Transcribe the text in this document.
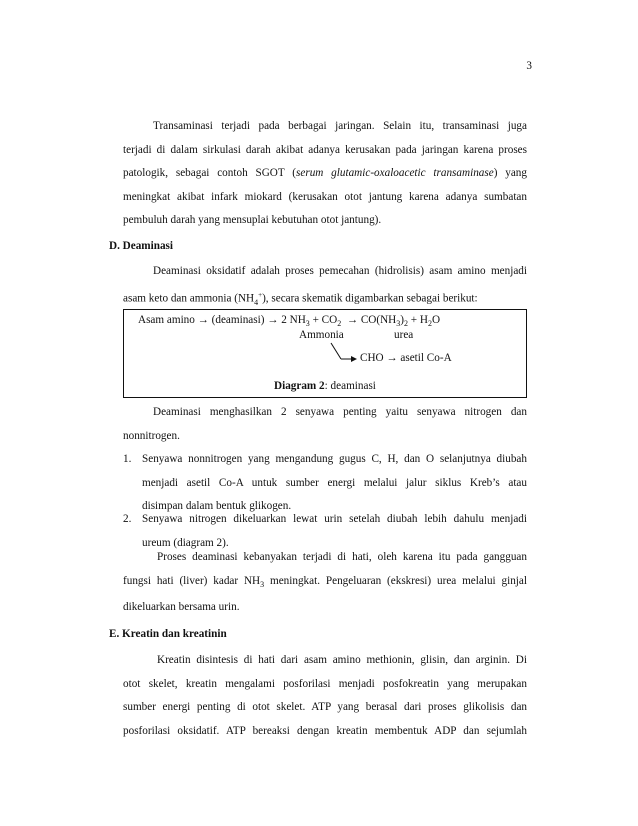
3
Transaminasi terjadi pada berbagai jaringan. Selain itu, transaminasi juga
terjadi di dalam sirkulasi darah akibat adanya kerusakan pada jaringan karena proses
patologik, sebagai contoh SGOT (serum glutamic-oxaloacetic transaminase) yang
meningkat akibat infark miokard (kerusakan otot jantung karena adanya sumbatan
pembuluh darah yang mensuplai kebutuhan otot jantung).
D. Deaminasi
Deaminasi oksidatif adalah proses pemecahan (hidrolisis) asam amino menjadi
asam keto dan ammonia $(NH_4^+)$, secara skematik digambarkan sebagai berikut:
Asam amino → (deaminasi) → 2 $NH_3 + CO_2 \to CO(NH_3)_2 + H_2O$
Ammonia	urea
CHO → asetil Co-A
Diagram 2: deaminasi
Deaminasi menghasilkan 2 senyawa penting yaitu senyawa nitrogen dan
nonnitrogen.
1. Senyawa nonnitrogen yang mengandung gugus C, H, dan O selanjutnya diubah
menjadi asetil Co-A untuk sumber energi melalui jalur siklus Kreb’s atau
disimpan dalam bentuk glikogen.
2. Senyawa nitrogen dikeluarkan lewat urin setelah diubah lebih dahulu menjadi
ureum (diagram 2).
Proses deaminasi kebanyakan terjadi di hati, oleh karena itu pada gangguan
fungsi hati (liver) kadar $NH_3$ meningkat. Pengeluaran (ekskresi) urea melalui ginjal
dikeluarkan bersama urin.
E. Kreatin dan kreatinin
Kreatin disintesis di hati dari asam amino methionin, glisin, dan arginin. Di
otot skelet, kreatin mengalami posforilasi menjadi posfokreatin yang merupakan
sumber energi penting di otot skelet. ATP yang berasal dari proses glikolisis dan
posforilasi oksidatif. ATP bereaksi dengan kreatin membentuk ADP dan sejumlah
